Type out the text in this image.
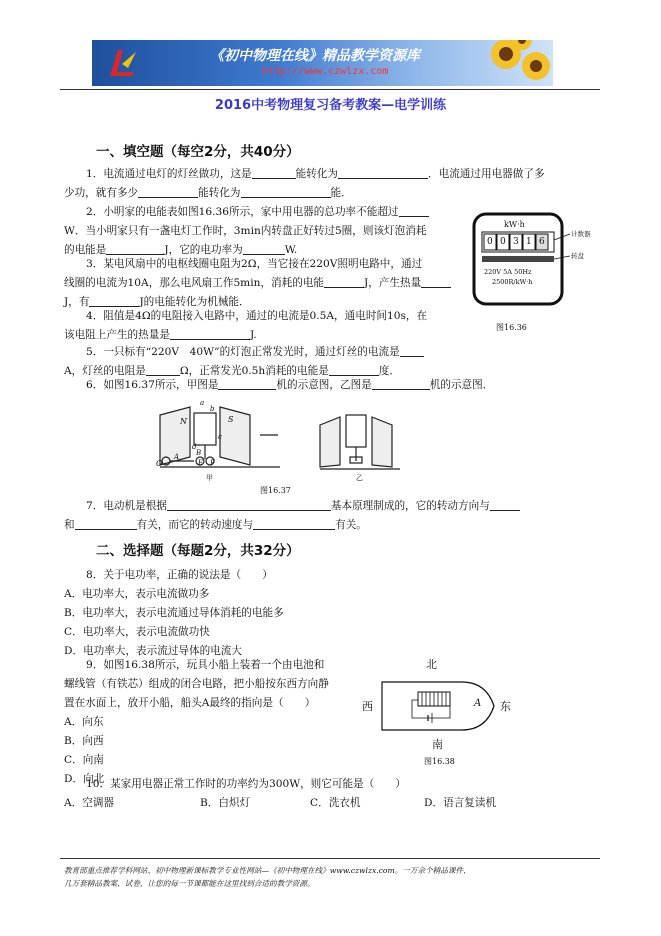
《初中物理在线》精品教学资源库
http://www.czwlzx.com
2016中考物理复习备考教案—电学训练
一、填空题（每空2分，共40分）
1．电流通过电灯的灯丝做功，这是	能转化为	．电流通过用电器做了多
少功，就有多少	能转化为	能．
2．小明家的电能表如图16.36所示，家中用电器的总功率不能超过
W．当小明家只有一盏电灯工作时，3min内转盘正好转过5圈，则该灯泡消耗
的电能是	J，它的电功率为	W.
3．某电风扇中的电枢线圈电阻为2Ω，当它接在220V照明电路中，通过
线圈的电流为10A，那么电风扇工作5min，消耗的电能	J，产生热量
J，有	J的电能转化为机械能．
4．阻值是4Ω的电阻接入电路中，通过的电流是0.5A，通电时间10s，在
该电阻上产生的热量是	J.
5．一只标有“220V　40W”的灯泡正常发光时，通过灯丝的电流是
A，灯丝的电阻是	Ω，正常发光0.5h消耗的电能是	度．
6．如图16.37所示，甲图是	机的示意图，乙图是	机的示意图．
kW·h
0 0 3 1 6
220V 5A 50Hz
2500R/kW·h
计数器
转盘
图16.36
N	S
a
b
c
d
O
A B
E F
甲	乙
图16.37
7．电动机是根据	基本原理制成的，它的转动方向与
和	有关，而它的转动速度与	有关。
二、选择题（每题2分，共32分）
8．关于电功率，正确的说法是（　　）
A．电功率大，表示电流做功多
B．电功率大，表示电流通过导体消耗的电能多
C．电功率大，表示电流做功快
D．电功率大，表示流过导体的电流大
9．如图16.38所示，玩具小船上装着一个由电池和
螺线管（有铁芯）组成的闭合电路，把小船按东西方向静
置在水面上，放开小船，船头A最终的指向是（　　）
A．向东
B．向西
C．向南
D．向北
北
西	东
A
南
图16.38
10．某家用电器正常工作时的功率约为300W，则它可能是（　　）
A．空调器	B．白炽灯	C．洗衣机	D．语言复读机
教育部重点推荐学科网站、初中物理新课标教学专业性网站—《初中物理在线》www.czwlzx.com。一万余个精品课件、
几万套精品教案、试卷，让您的每一节课都能在这里找到合适的教学资源。
